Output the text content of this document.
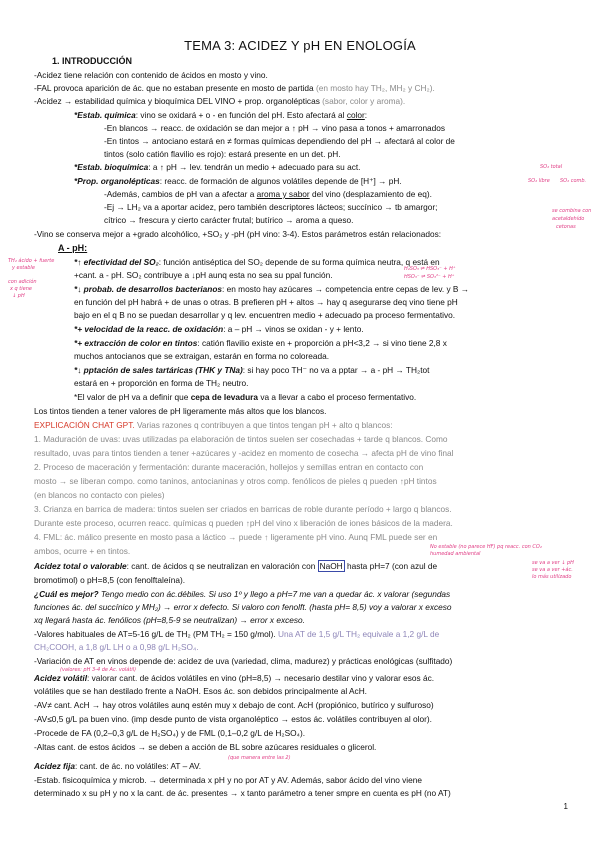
TEMA 3: ACIDEZ Y pH EN ENOLOGÍA
1. INTRODUCCIÓN
-Acidez tiene relación con contenido de ácidos en mosto y vino.
-FAL provoca aparición de ác. que no estaban presente en mosto de partida (en mosto hay TH₂, MH₂ y CH₂).
-Acidez → estabilidad química y bioquímica DEL VINO + prop. organolépticas (sabor, color y aroma).
*Estab. química: vino se oxidará + o - en función del pH. Esto afectará al color:
-En blancos → reacc. de oxidación se dan mejor a ↑ pH → vino pasa a tonos + amarronados
-En tintos → antociano estará en ≠ formas químicas dependiendo del pH → afectará al color de
tintos (solo catión flavilio es rojo): estará presente en un det. pH.
*Estab. bioquímica: a ↑ pH → lev. tendrán un medio + adecuado para su act.
*Prop. organolépticas: reacc. de formación de algunos volátiles depende de [H⁺] → pH.
-Además, cambios de pH van a afectar a aroma y sabor del vino (desplazamiento de eq).
-Ej → LH₂ va a aportar acidez, pero también descriptores lácteos; succínico → tb amargor;
cítrico → frescura y cierto carácter frutal; butírico → aroma a queso.
-Vino se conserva mejor a +grado alcohólico, +SO₂ y -pH (pH vino: 3-4). Estos parámetros están relacionados:
A - pH:
*↑ efectividad del SO₂: función antiséptica del SO₂ depende de su forma química neutra, q está en
+cant. a - pH. SO₂ contribuye a ↓pH aunq esta no sea su ppal función.
*↓ probab. de desarrollos bacterianos: en mosto hay azúcares → competencia entre cepas de lev. y B →
en función del pH habrá + de unas o otras. B prefieren pH + altos → hay q asegurarse deq vino tiene pH
bajo en el q B no se puedan desarrollar y q lev. encuentren medio + adecuado pa proceso fermentativo.
*+ velocidad de la reacc. de oxidación: a – pH → vinos se oxidan - y + lento.
*+ extracción de color en tintos: catión flavilio existe en + proporción a pH<3,2 → si vino tiene 2,8 x
muchos antocianos que se extraigan, estarán en forma no coloreada.
*↓ pptación de sales tartáricas (THK y TNa): si hay poco TH⁻ no va a pptar → a - pH → TH₂tot
estará en + proporción en forma de TH₂ neutro.
*El valor de pH va a definir que cepa de levadura va a llevar a cabo el proceso fermentativo.
Los tintos tienden a tener valores de pH ligeramente más altos que los blancos.
EXPLICACIÓN CHAT GPT. Varias razones q contribuyen a que tintos tengan pH + alto q blancos:
1. Maduración de uvas: uvas utilizadas pa elaboración de tintos suelen ser cosechadas + tarde q blancos. Como
resultado, uvas para tintos tienden a tener +azúcares y -acidez en momento de cosecha → afecta pH de vino final
2. Proceso de maceración y fermentación: durante maceración, hollejos y semillas entran en contacto con
mosto → se liberan compo. como taninos, antocianinas y otros comp. fenólicos de pieles q pueden ↑pH tintos
(en blancos no contacto con pieles)
3. Crianza en barrica de madera: tintos suelen ser criados en barricas de roble durante período + largo q blancos.
Durante este proceso, ocurren reacc. químicas q pueden ↑pH del vino x liberación de iones básicos de la madera.
4. FML: ác. málico presente en mosto pasa a láctico → puede ↑ ligeramente pH vino. Aunq FML puede ser en
ambos, ocurre + en tintos.
Acidez total o valorable: cant. de ácidos q se neutralizan en valoración con NaOH hasta pH=7 (con azul de
bromotimol) o pH=8,5 (con fenolftaleína).
¿Cuál es mejor? Tengo medio con ác.débiles. Si uso 1º y llego a pH=7 me van a quedar ác. x valorar (segundas
funciones ác. del succínico y MH₂) → error x defecto. Si valoro con fenolft. (hasta pH= 8,5) voy a valorar x exceso
xq llegará hasta ác. fenólicos (pH=8,5-9 se neutralizan) → error x exceso.
-Valores habituales de AT=5-16 g/L de TH₂ (PM TH₂ = 150 g/mol). Una AT de 1,5 g/L TH₂ equivale a 1,2 g/L de
CH₂COOH, a 1,8 g/L LH o a 0,98 g/L H₂SO₄.
-Variación de AT en vinos depende de: acidez de uva (variedad, clima, madurez) y prácticas enológicas (sulfitado)
Acidez volátil: valorar cant. de ácidos volátiles en vino (pH=8,5) → necesario destilar vino y valorar esos ác.
volátiles que se han destilado frente a NaOH. Esos ác. son debidos principalmente al AcH.
-AV≠ cant. AcH → hay otros volátiles aunq estén muy x debajo de cont. AcH (propiónico, butírico y sulfuroso)
-AV≤0,5 g/L pa buen vino. (imp desde punto de vista organoléptico → estos ác. volátiles contribuyen al olor).
-Procede de FA (0,2–0,3 g/L de H₂SO₄) y de FML (0,1–0,2 g/L de H₂SO₄).
-Altas cant. de estos ácidos → se deben a acción de BL sobre azúcares residuales o glicerol.
Acidez fija: cant. de ác. no volátiles: AT – AV.
-Estab. fisicoquímica y microb. → determinada x pH y no por AT y AV. Además, sabor ácido del vino viene
determinado x su pH y no x la cant. de ác. presentes → x tanto parámetro a tener smpre en cuenta es pH (no AT)
SO₂ total
SO₂ libre SO₂ comb.
se combina con
acetaldehído
cetonas
TH₂ ácido + fuerte
y estable
con adición
x q tiene
↓ pH
H₂SO₃ ⇌ HSO₃⁻ + H⁺
HSO₃⁻ ⇌ SO₃²⁻ + H⁺
No estable (no parece HF) pq reacc. con CO₂
humedad ambiental
se va a ver ↓ pH
se va a ver +ác.
lo más utilizado
(valores: pH 3-4 de Ac. volátil)
(que manera entre las 2)
1
